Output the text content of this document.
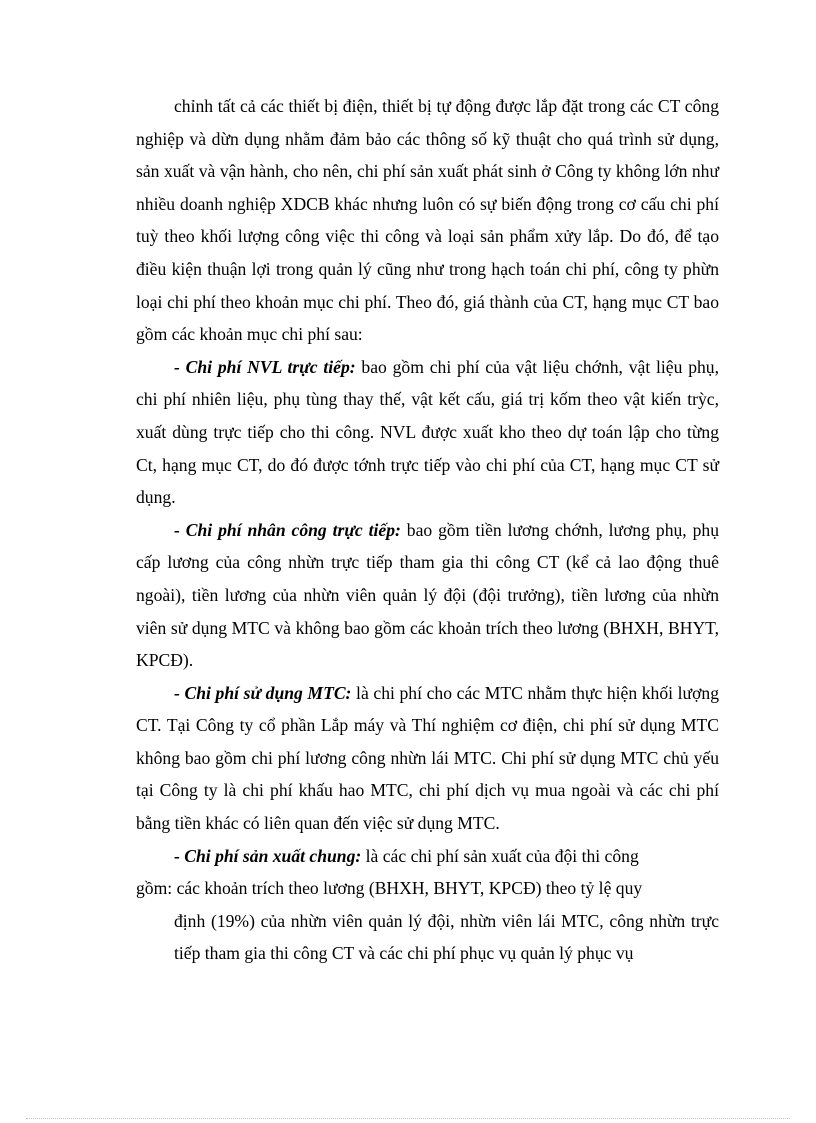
chỉnh tất cả các thiết bị điện, thiết bị tự động được lắp đặt trong các CT công nghiệp và dừn dụng nhằm đảm bảo các thông số kỹ thuật cho quá trình sử dụng, sản xuất và vận hành, cho nên, chi phí sản xuất phát sinh ở Công ty không lớn như nhiều doanh nghiệp XDCB khác nhưng luôn có sự biến động trong cơ cấu chi phí tuỳ theo khối lượng công việc thi công và loại sản phẩm xửy lắp. Do đó, để tạo điều kiện thuận lợi trong quản lý cũng như trong hạch toán chi phí, công ty phừn loại chi phí theo khoản mục chi phí. Theo đó, giá thành của CT, hạng mục CT bao gồm các khoản mục chi phí sau:

- Chi phí NVL trực tiếp: bao gồm chi phí của vật liệu chớnh, vật liệu phụ, chi phí nhiên liệu, phụ tùng thay thế, vật kết cấu, giá trị kốm theo vật kiến trỳc, xuất dùng trực tiếp cho thi công. NVL được xuất kho theo dự toán lập cho từng Ct, hạng mục CT, do đó được tớnh trực tiếp vào chi phí của CT, hạng mục CT sử dụng.

- Chi phí nhân công trực tiếp: bao gồm tiền lương chớnh, lương phụ, phụ cấp lương của công nhừn trực tiếp tham gia thi công CT (kể cả lao động thuê ngoài), tiền lương của nhừn viên quản lý đội (đội trưởng), tiền lương của nhừn viên sử dụng MTC và không bao gồm các khoản trích theo lương (BHXH, BHYT, KPCĐ).

- Chi phí sử dụng MTC: là chi phí cho các MTC nhằm thực hiện khối lượng CT. Tại Công ty cổ phần Lắp máy và Thí nghiệm cơ điện, chi phí sử dụng MTC không bao gồm chi phí lương công nhừn lái MTC. Chi phí sử dụng MTC chủ yếu tại Công ty là chi phí khấu hao MTC, chi phí dịch vụ mua ngoài và các chi phí bằng tiền khác có liên quan đến việc sử dụng MTC.

- Chi phí sản xuất chung: là các chi phí sản xuất của đội thi công

gồm: các khoản trích theo lương (BHXH, BHYT, KPCĐ) theo tỷ lệ quy

định (19%) của nhừn viên quản lý đội, nhừn viên lái MTC, công nhừn trực tiếp tham gia thi công CT và các chi phí phục vụ quản lý phục vụ
